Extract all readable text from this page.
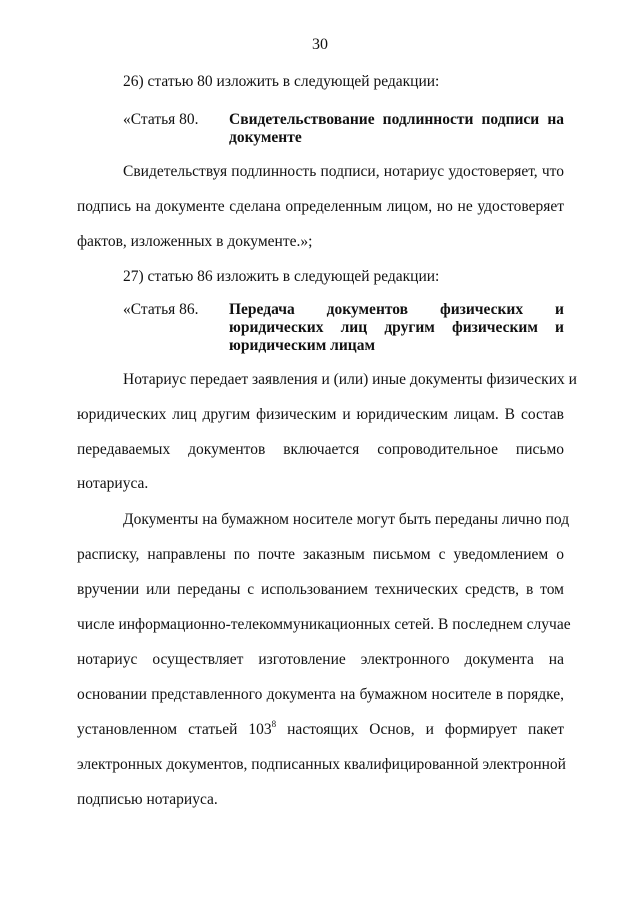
30
26) статью 80 изложить в следующей редакции:
«Статья 80. Свидетельствование подлинности подписи на
документе
Свидетельствуя подлинность подписи, нотариус удостоверяет, что
подпись на документе сделана определенным лицом, но не удостоверяет
фактов, изложенных в документе.»;
27) статью 86 изложить в следующей редакции:
«Статья 86. Передача документов физических и
юридических лиц другим физическим и
юридическим лицам
Нотариус передает заявления и (или) иные документы физических и
юридических лиц другим физическим и юридическим лицам. В состав
передаваемых документов включается сопроводительное письмо
нотариуса.
Документы на бумажном носителе могут быть переданы лично под
расписку, направлены по почте заказным письмом с уведомлением о
вручении или переданы с использованием технических средств, в том
числе информационно-телекоммуникационных сетей. В последнем случае
нотариус осуществляет изготовление электронного документа на
основании представленного документа на бумажном носителе в порядке,
установленном статьей $103^8$ настоящих Основ, и формирует пакет
электронных документов, подписанных квалифицированной электронной
подписью нотариуса.
